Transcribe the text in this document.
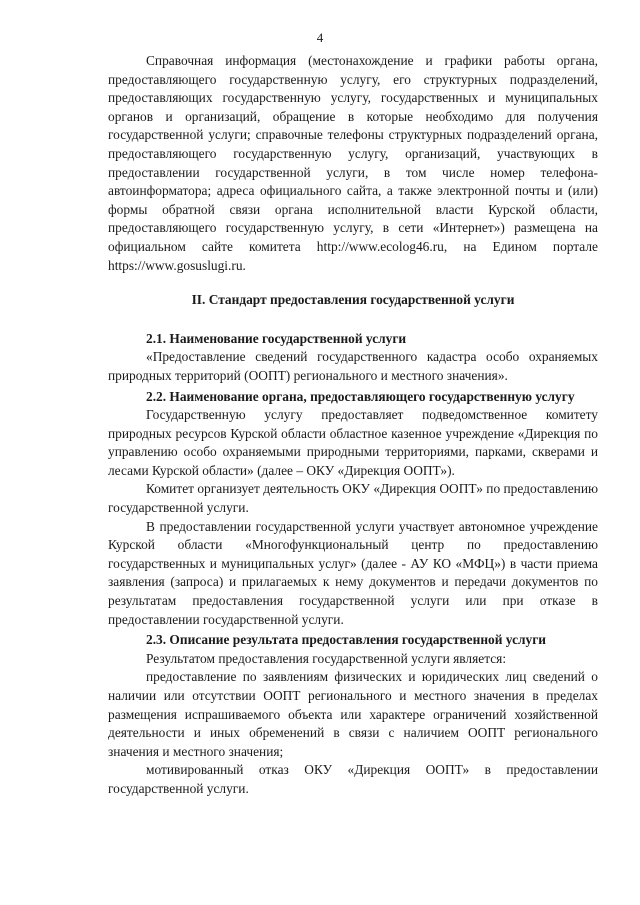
4

Справочная информация (местонахождение и графики работы органа, предоставляющего государственную услугу, его структурных подразделений, предоставляющих государственную услугу, государственных и муниципальных органов и организаций, обращение в которые необходимо для получения государственной услуги; справочные телефоны структурных подразделений органа, предоставляющего государственную услугу, организаций, участвующих в предоставлении государственной услуги, в том числе номер телефона-автоинформатора; адреса официального сайта, а также электронной почты и (или) формы обратной связи органа исполнительной власти Курской области, предоставляющего государственную услугу, в сети «Интернет») размещена на официальном сайте комитета http://www.ecolog46.ru, на Едином портале https://www.gosuslugi.ru.

II. Стандарт предоставления государственной услуги

2.1. Наименование государственной услуги

«Предоставление сведений государственного кадастра особо охраняемых природных территорий (ООПТ) регионального и местного значения».

2.2. Наименование органа, предоставляющего государственную услугу

Государственную услугу предоставляет подведомственное комитету природных ресурсов Курской области областное казенное учреждение «Дирекция по управлению особо охраняемыми природными территориями, парками, скверами и лесами Курской области» (далее – ОКУ «Дирекция ООПТ»).

Комитет организует деятельность ОКУ «Дирекция ООПТ» по предоставлению государственной услуги.

В предоставлении государственной услуги участвует автономное учреждение Курской области «Многофункциональный центр по предоставлению государственных и муниципальных услуг» (далее - АУ КО «МФЦ») в части приема заявления (запроса) и прилагаемых к нему документов и передачи документов по результатам предоставления государственной услуги или при отказе в предоставлении государственной услуги.

2.3. Описание результата предоставления государственной услуги

Результатом предоставления государственной услуги является:

предоставление по заявлениям физических и юридических лиц сведений о наличии или отсутствии ООПТ регионального и местного значения в пределах размещения испрашиваемого объекта или характере ограничений хозяйственной деятельности и иных обременений в связи с наличием ООПТ регионального значения и местного значения;

мотивированный отказ ОКУ «Дирекция ООПТ» в предоставлении государственной услуги.
